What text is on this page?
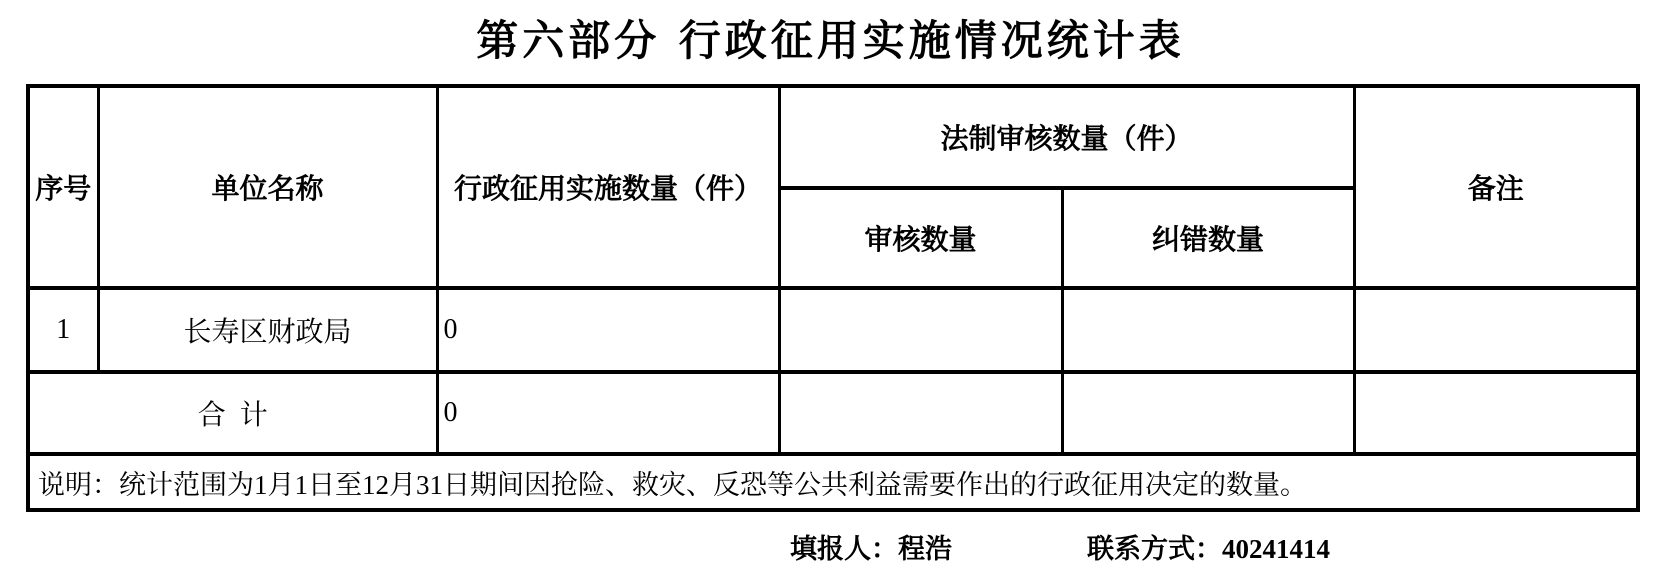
第六部分 行政征用实施情况统计表
序号	单位名称	行政征用实施数量（件）	法制审核数量（件）		备注
			审核数量	纠错数量	
1	长寿区财政局	0			
合  计		0			
说明：统计范围为1月1日至12月31日期间因抢险、救灾、反恐等公共利益需要作出的行政征用决定的数量。					
填报人：程浩	联系方式：40241414
